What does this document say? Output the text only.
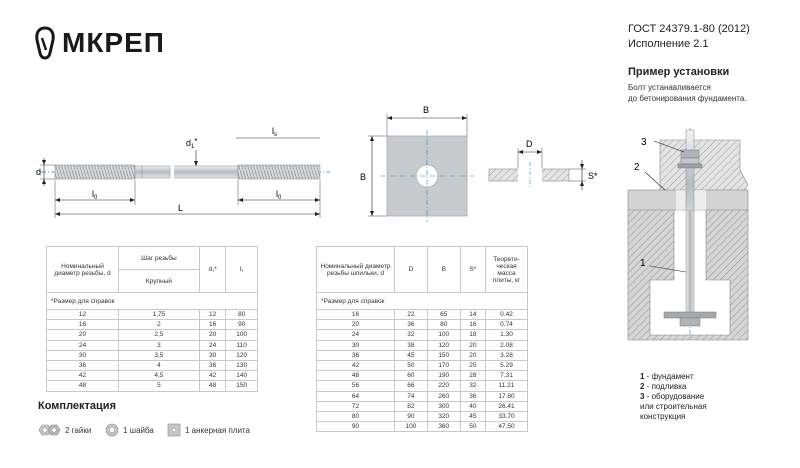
МКРЕП	ГОСТ 24379.1-80 (2012)
Исполнение 2.1
Пример установки
Болт устанавливается
до бетонирования фундамента.
d
$d_1*$
$l_s$
$l_0$	$l_0$
L
B
B
D
S*
3
2
1
Номинальный диаметр резьбы, d	Шаг резьбы	d₁*	l₁
	Крупный		
*Размер для справок			
12	1,75	12	80
16	2	16	90
20	2,5	20	100
24	3	24	110
30	3,5	30	120
36	4	36	130
42	4,5	42	140
48	5	48	150
Номинальный диаметр резьбы шпильки, d	D	B	S*	Теорети- ческая масса плиты, кг
*Размер для справок				
16	22	65	14	0.42
20	36	80	16	0.74
24	32	100	18	1.30
30	38	120	20	2.08
36	45	150	20	3.28
42	50	170	25	5.29
48	60	190	28	7.31
56	66	220	32	11.21
64	74	260	36	17.80
72	82	300	40	26.41
80	90	320	45	33.70
90	100	360	50	47.50
Комплектация
2 гайки	1 шайба	1 анкерная плита
1 - фундамент
2 - подливка
3 - оборудование
или строительная
конструкция
